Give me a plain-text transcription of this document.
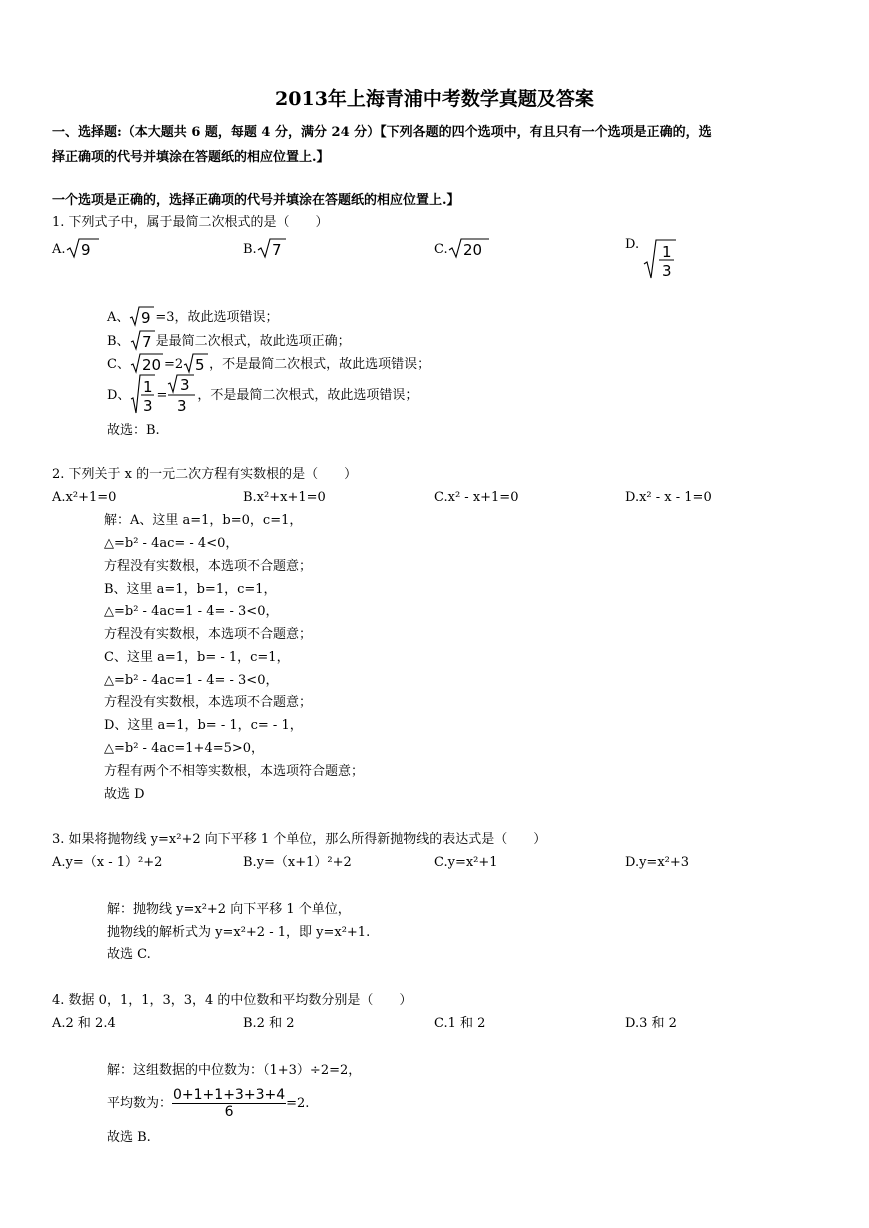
2013年上海青浦中考数学真题及答案
一、选择题:（本大题共 6 题，每题 4 分，满分 24 分）【下列各题的四个选项中，有且只有一个选项是正确的，选
择正确项的代号并填涂在答题纸的相应位置上.】
一个选项是正确的，选择正确项的代号并填涂在答题纸的相应位置上.】
1. 下列式子中，属于最简二次根式的是（　　）
A. 9	B. 7	C. 20	D. 1
3
A、 9 =3，故此选项错误；
B、 7 是最简二次根式，故此选项正确；
C、 20 =2 5 ，不是最简二次根式，故此选项错误；
D、 1
3
=
3
3
，不是最简二次根式，故此选项错误；
故选：B.
2. 下列关于 x 的一元二次方程有实数根的是（　　）
A.x²+1=0	B.x²+x+1=0	C.x² - x+1=0	D.x² - x - 1=0
解：A、这里 a=1，b=0，c=1，
△=b² - 4ac= - 4<0，
方程没有实数根，本选项不合题意；
B、这里 a=1，b=1，c=1，
△=b² - 4ac=1 - 4= - 3<0，
方程没有实数根，本选项不合题意；
C、这里 a=1，b= - 1，c=1，
△=b² - 4ac=1 - 4= - 3<0，
方程没有实数根，本选项不合题意；
D、这里 a=1，b= - 1，c= - 1，
△=b² - 4ac=1+4=5>0，
方程有两个不相等实数根，本选项符合题意；
故选 D
3. 如果将抛物线 y=x²+2 向下平移 1 个单位，那么所得新抛物线的表达式是（　　）
A.y=（x - 1）²+2	B.y=（x+1）²+2	C.y=x²+1	D.y=x²+3
解：抛物线 y=x²+2 向下平移 1 个单位，
抛物线的解析式为 y=x²+2 - 1，即 y=x²+1.
故选 C.
4. 数据 0，1，1，3，3，4 的中位数和平均数分别是（　　）
A.2 和 2.4	B.2 和 2	C.1 和 2	D.3 和 2
解：这组数据的中位数为：（1+3）÷2=2，
平均数为： $\frac{0+1+1+3+3+4}{6} =2$.
故选 B.
